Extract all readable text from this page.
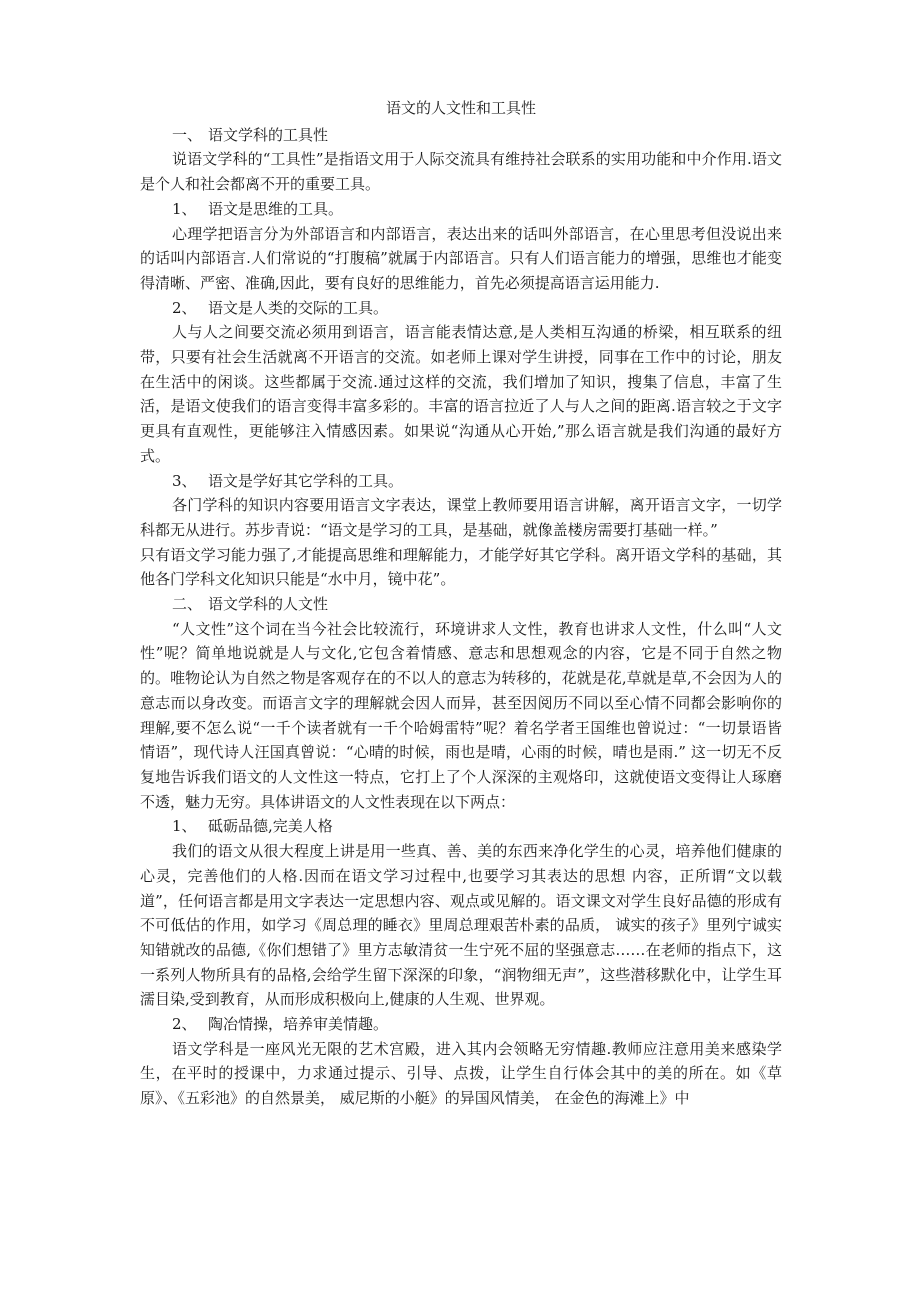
语文的人文性和工具性

一、 语文学科的工具性

说语文学科的“工具性”是指语文用于人际交流具有维持社会联系的实用功能和中介作用.语文是个人和社会都离不开的重要工具。

1、 语文是思维的工具。

心理学把语言分为外部语言和内部语言，表达出来的话叫外部语言，在心里思考但没说出来的话叫内部语言.人们常说的“打腹稿”就属于内部语言。只有人们语言能力的增强，思维也才能变得清晰、严密、准确,因此，要有良好的思维能力，首先必须提高语言运用能力.

2、 语文是人类的交际的工具。

人与人之间要交流必须用到语言，语言能表情达意,是人类相互沟通的桥梁，相互联系的纽带，只要有社会生活就离不开语言的交流。如老师上课对学生讲授，同事在工作中的讨论，朋友在生活中的闲谈。这些都属于交流.通过这样的交流，我们增加了知识，搜集了信息，丰富了生活，是语文使我们的语言变得丰富多彩的。丰富的语言拉近了人与人之间的距离.语言较之于文字更具有直观性，更能够注入情感因素。如果说“沟通从心开始,”那么语言就是我们沟通的最好方式。

3、 语文是学好其它学科的工具。

各门学科的知识内容要用语言文字表达，课堂上教师要用语言讲解，离开语言文字，一切学科都无从进行。苏步青说：“语文是学习的工具，是基础，就像盖楼房需要打基础一样。”

只有语文学习能力强了,才能提高思维和理解能力，才能学好其它学科。离开语文学科的基础，其他各门学科文化知识只能是“水中月，镜中花”。

二、 语文学科的人文性

“人文性”这个词在当今社会比较流行，环境讲求人文性，教育也讲求人文性，什么叫“人文性”呢？简单地说就是人与文化,它包含着情感、意志和思想观念的内容，它是不同于自然之物的。唯物论认为自然之物是客观存在的不以人的意志为转移的，花就是花,草就是草,不会因为人的意志而以身改变。而语言文字的理解就会因人而异，甚至因阅历不同以至心情不同都会影响你的理解,要不怎么说“一千个读者就有一千个哈姆雷特”呢？着名学者王国维也曾说过：“一切景语皆情语”，现代诗人汪国真曾说：“心晴的时候，雨也是晴，心雨的时候，晴也是雨.” 这一切无不反复地告诉我们语文的人文性这一特点，它打上了个人深深的主观烙印，这就使语文变得让人琢磨不透，魅力无穷。具体讲语文的人文性表现在以下两点：

1、 砥砺品德,完美人格

我们的语文从很大程度上讲是用一些真、善、美的东西来净化学生的心灵，培养他们健康的心灵，完善他们的人格.因而在语文学习过程中,也要学习其表达的思想 内容，正所谓“文以载道”，任何语言都是用文字表达一定思想内容、观点或见解的。语文课文对学生良好品德的形成有不可低估的作用，如学习《周总理的睡衣》里周总理艰苦朴素的品质， 诚实的孩子》里列宁诚实知错就改的品德,《你们想错了》里方志敏清贫一生宁死不屈的坚强意志……在老师的指点下，这一系列人物所具有的品格,会给学生留下深深的印象，“润物细无声”，这些潜移默化中，让学生耳濡目染,受到教育，从而形成积极向上,健康的人生观、世界观。

2、 陶冶情操，培养审美情趣。

语文学科是一座风光无限的艺术宫殿，进入其内会领略无穷情趣.教师应注意用美来感染学生，在平时的授课中，力求通过提示、引导、点拨，让学生自行体会其中的美的所在。如《草原》、《五彩池》的自然景美， 威尼斯的小艇》的异国风情美， 在金色的海滩上》中
